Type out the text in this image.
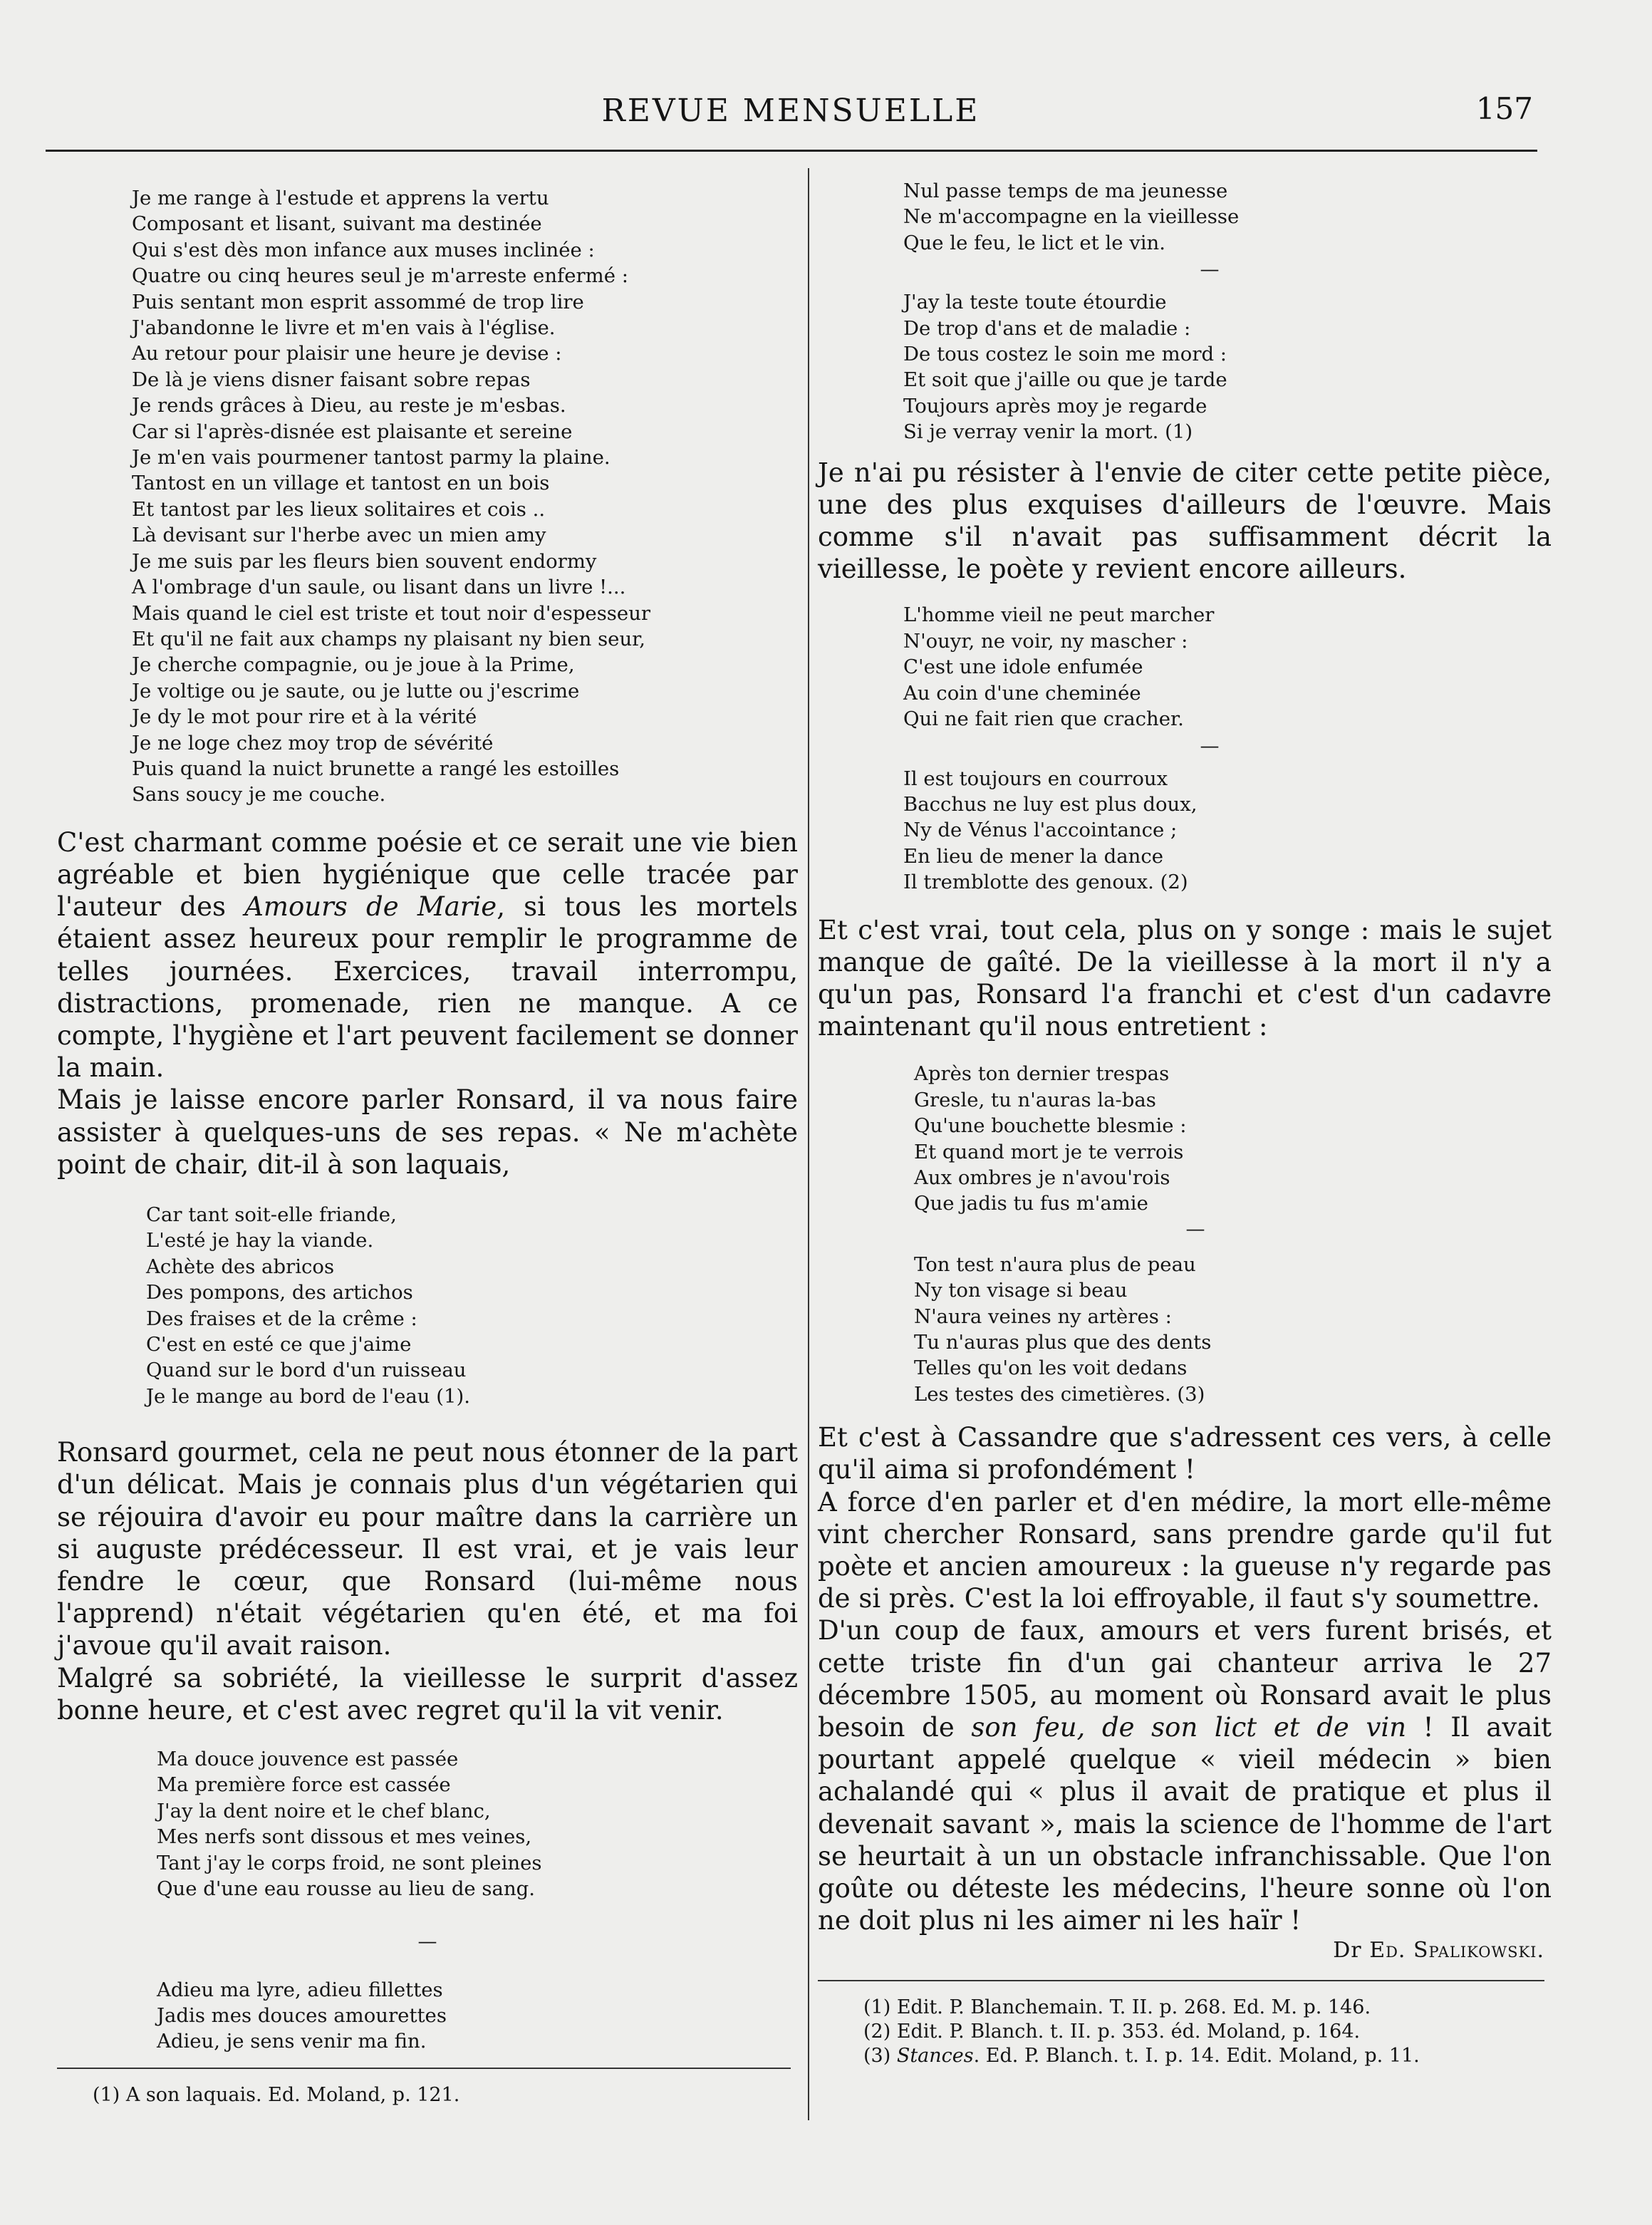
REVUE MENSUELLE	157
Je me range à l'estude et apprens la vertu
Composant et lisant, suivant ma destinée
Qui s'est dès mon infance aux muses inclinée :
Quatre ou cinq heures seul je m'arreste enfermé :
Puis sentant mon esprit assommé de trop lire
J'abandonne le livre et m'en vais à l'église.
Au retour pour plaisir une heure je devise :
De là je viens disner faisant sobre repas
Je rends grâces à Dieu, au reste je m'esbas.
Car si l'après-disnée est plaisante et sereine
Je m'en vais pourmener tantost parmy la plaine.
Tantost en un village et tantost en un bois
Et tantost par les lieux solitaires et cois ..
Là devisant sur l'herbe avec un mien amy
Je me suis par les fleurs bien souvent endormy
A l'ombrage d'un saule, ou lisant dans un livre !...
Mais quand le ciel est triste et tout noir d'espesseur
Et qu'il ne fait aux champs ny plaisant ny bien seur,
Je cherche compagnie, ou je joue à la Prime,
Je voltige ou je saute, ou je lutte ou j'escrime
Je dy le mot pour rire et à la vérité
Je ne loge chez moy trop de sévérité
Puis quand la nuict brunette a rangé les estoilles
Sans soucy je me couche.

C'est charmant comme poésie et ce serait une vie bien agréable et bien hygiénique que celle tracée par l'auteur des Amours de Marie, si tous les mortels étaient assez heureux pour remplir le programme de telles journées. Exercices, travail interrompu, distractions, promenade, rien ne manque. A ce compte, l'hygiène et l'art peuvent facilement se donner la main.

Mais je laisse encore parler Ronsard, il va nous faire assister à quelques-uns de ses repas. « Ne m'achète point de chair, dit-il à son laquais,

Car tant soit-elle friande,
L'esté je hay la viande.
Achète des abricos
Des pompons, des artichos
Des fraises et de la crême :
C'est en esté ce que j'aime
Quand sur le bord d'un ruisseau
Je le mange au bord de l'eau (1).

Ronsard gourmet, cela ne peut nous étonner de la part d'un délicat. Mais je connais plus d'un végétarien qui se réjouira d'avoir eu pour maître dans la carrière un si auguste prédécesseur. Il est vrai, et je vais leur fendre le cœur, que Ronsard (lui-même nous l'apprend) n'était végétarien qu'en été, et ma foi j'avoue qu'il avait raison.

Malgré sa sobriété, la vieillesse le surprit d'assez bonne heure, et c'est avec regret qu'il la vit venir.

Ma douce jouvence est passée
Ma première force est cassée
J'ay la dent noire et le chef blanc,
Mes nerfs sont dissous et mes veines,
Tant j'ay le corps froid, ne sont pleines
Que d'une eau rousse au lieu de sang.
—
Adieu ma lyre, adieu fillettes
Jadis mes douces amourettes
Adieu, je sens venir ma fin.
(1) A son laquais. Ed. Moland, p. 121.
Nul passe temps de ma jeunesse
Ne m'accompagne en la vieillesse
Que le feu, le lict et le vin.
—
J'ay la teste toute étourdie
De trop d'ans et de maladie :
De tous costez le soin me mord :
Et soit que j'aille ou que je tarde
Toujours après moy je regarde
Si je verray venir la mort. (1)

Je n'ai pu résister à l'envie de citer cette petite pièce, une des plus exquises d'ailleurs de l'œuvre. Mais comme s'il n'avait pas suffisamment décrit la vieillesse, le poète y revient encore ailleurs.

L'homme vieil ne peut marcher
N'ouyr, ne voir, ny mascher :
C'est une idole enfumée
Au coin d'une cheminée
Qui ne fait rien que cracher.
—
Il est toujours en courroux
Bacchus ne luy est plus doux,
Ny de Vénus l'accointance ;
En lieu de mener la dance
Il tremblotte des genoux. (2)

Et c'est vrai, tout cela, plus on y songe : mais le sujet manque de gaîté. De la vieillesse à la mort il n'y a qu'un pas, Ronsard l'a franchi et c'est d'un cadavre maintenant qu'il nous entretient :

Après ton dernier trespas
Gresle, tu n'auras la-bas
Qu'une bouchette blesmie :
Et quand mort je te verrois
Aux ombres je n'avou'rois
Que jadis tu fus m'amie
—
Ton test n'aura plus de peau
Ny ton visage si beau
N'aura veines ny artères :
Tu n'auras plus que des dents
Telles qu'on les voit dedans
Les testes des cimetières. (3)

Et c'est à Cassandre que s'adressent ces vers, à celle qu'il aima si profondément !

A force d'en parler et d'en médire, la mort elle-même vint chercher Ronsard, sans prendre garde qu'il fut poète et ancien amoureux : la gueuse n'y regarde pas de si près. C'est la loi effroyable, il faut s'y soumettre.

D'un coup de faux, amours et vers furent brisés, et cette triste fin d'un gai chanteur arriva le 27 décembre 1505, au moment où Ronsard avait le plus besoin de son feu, de son lict et de vin ! Il avait pourtant appelé quelque « vieil médecin » bien achalandé qui « plus il avait de pratique et plus il devenait savant », mais la science de l'homme de l'art se heurtait à un un obstacle infranchissable. Que l'on goûte ou déteste les médecins, l'heure sonne où l'on ne doit plus ni les aimer ni les haïr !

Dr Ed. Spalikowski.
(1) Edit. P. Blanchemain. T. II. p. 268. Ed. M. p. 146.
(2) Edit. P. Blanch. t. II. p. 353. éd. Moland, p. 164.
(3) Stances. Ed. P. Blanch. t. I. p. 14. Edit. Moland, p. 11.
